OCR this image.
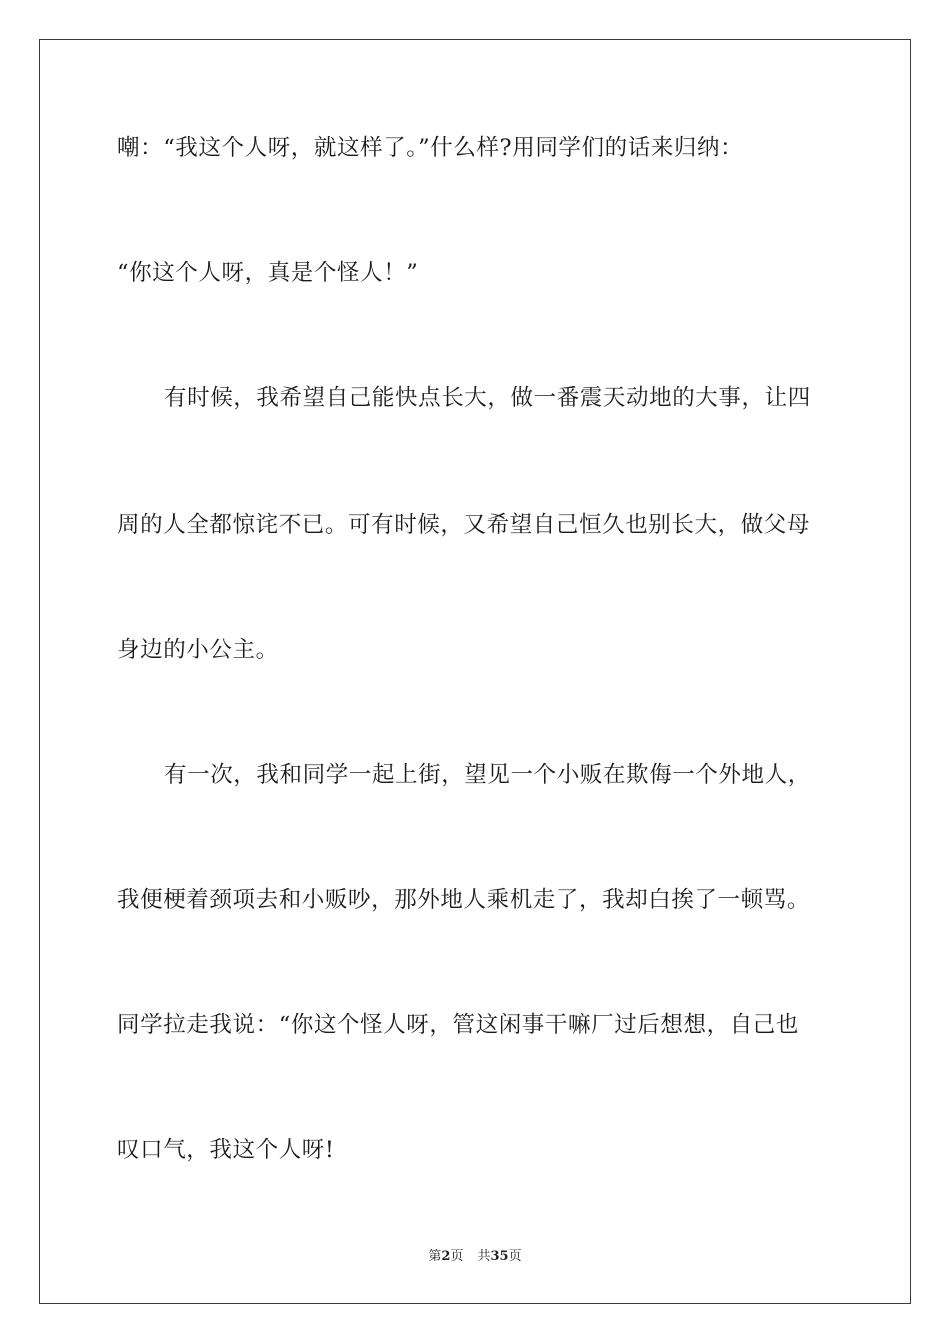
嘲：“我这个人呀，就这样了。”什么样?用同学们的话来归纳：
“你这个人呀，真是个怪人！”
有时候，我希望自己能快点长大，做一番震天动地的大事，让四
周的人全都惊诧不已。可有时候，又希望自己恒久也别长大，做父母
身边的小公主。
有一次，我和同学一起上街，望见一个小贩在欺侮一个外地人，
我便梗着颈项去和小贩吵，那外地人乘机走了，我却白挨了一顿骂。
同学拉走我说：“你这个怪人呀，管这闲事干嘛厂过后想想，自己也
叹口气，我这个人呀!
第2页 共35页
